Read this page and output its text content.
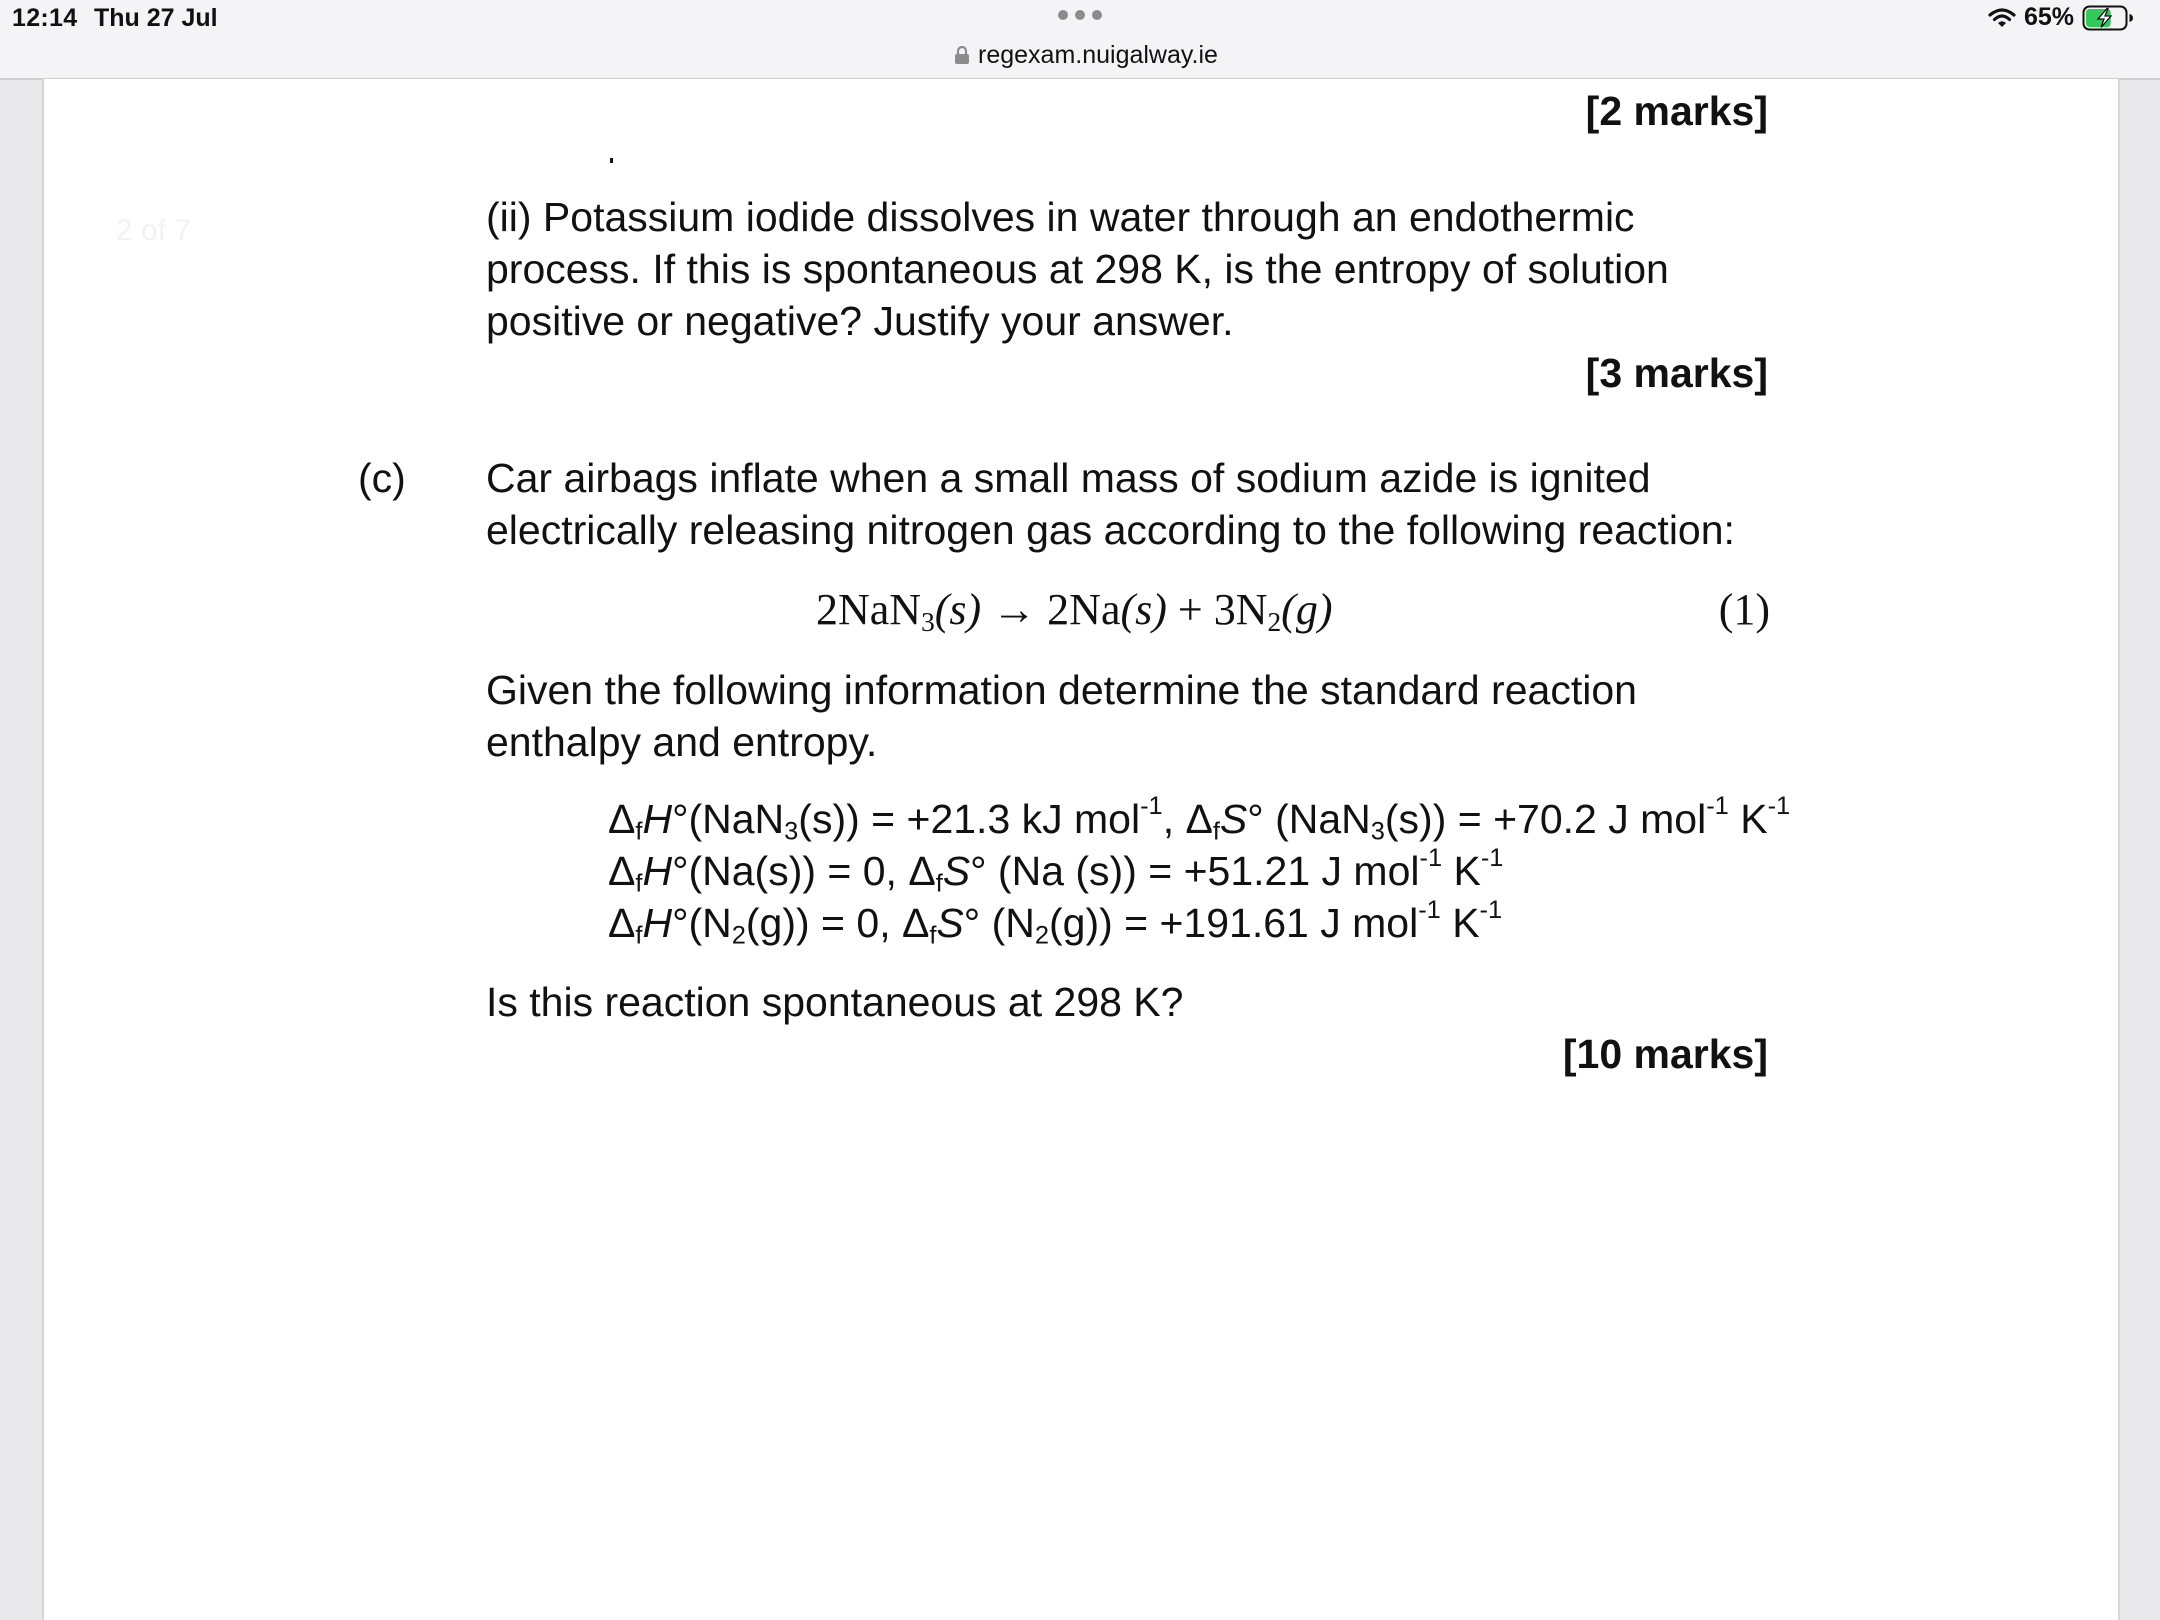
12:14 Thu 27 Jul
regexam.nuigalway.ie
65%
2 of 7
[2 marks]
(ii) Potassium iodide dissolves in water through an endothermic
process. If this is spontaneous at 298 K, is the entropy of solution
positive or negative? Justify your answer.
[3 marks]
(c) Car airbags inflate when a small mass of sodium azide is ignited
electrically releasing nitrogen gas according to the following reaction:
$2NaN_3(s) \to 2Na(s) + 3N_2(g)$	(1)
Given the following information determine the standard reaction
enthalpy and entropy.
$\Delta_fH^\circ(NaN_3(s)) = +21.3$ kJ mol$^{-1}$, $\Delta_fS^\circ$ (NaN$_3$(s)) = +70.2 J mol$^{-1}$ $K^{-1}$
$\Delta_fH^\circ(Na(s)) = 0$, $\Delta_fS^\circ$ (Na (s)) = +51.21 J mol$^{-1}$ $K^{-1}$
$\Delta_fH^\circ(N_2(g)) = 0$, $\Delta_fS^\circ$ $(N_2(g)) = +191.61$ J mol$^{-1}$ $K^{-1}$
Is this reaction spontaneous at 298 K?
[10 marks]
